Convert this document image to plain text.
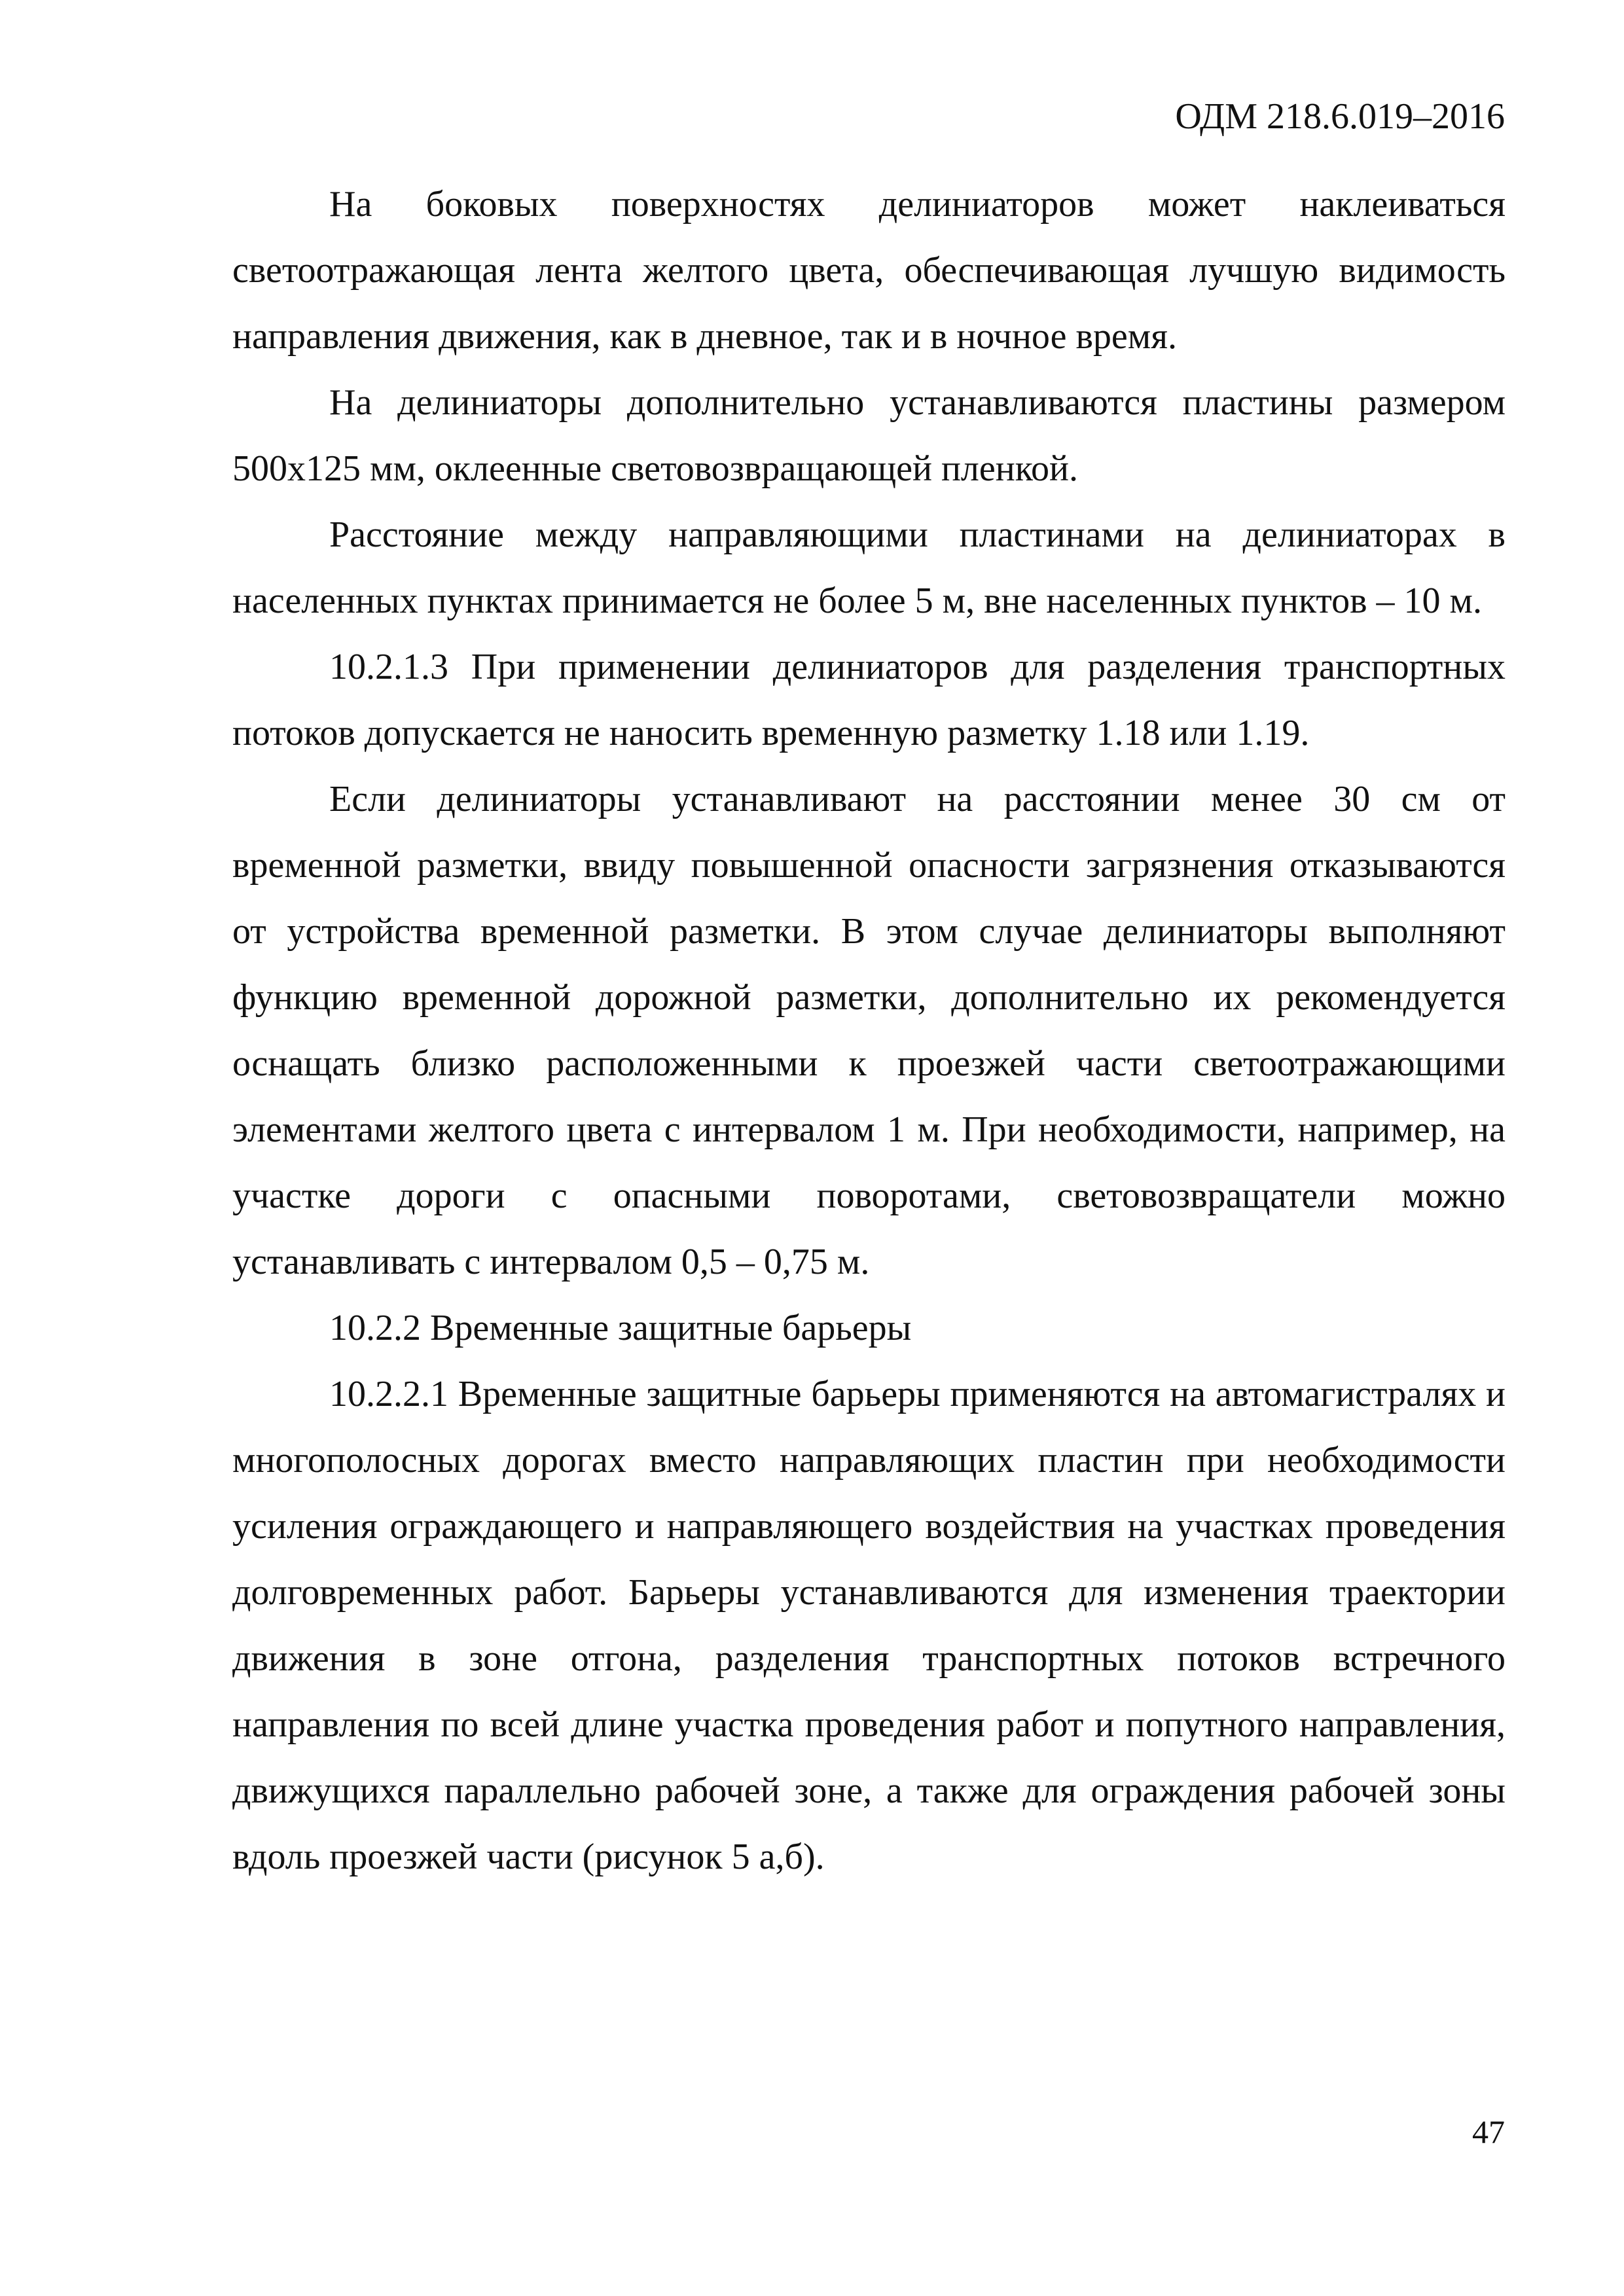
ОДМ 218.6.019–2016

На боковых поверхностях делиниаторов может наклеиваться светоотражающая лента желтого цвета, обеспечивающая лучшую видимость направления движения, как в дневное, так и в ночное время.

На делиниаторы дополнительно устанавливаются пластины размером 500х125 мм, оклеенные световозвращающей пленкой.

Расстояние между направляющими пластинами на делиниаторах в населенных пунктах принимается не более 5 м, вне населенных пунктов – 10 м.

10.2.1.3 При применении делиниаторов для разделения транспортных потоков допускается не наносить временную разметку 1.18 или 1.19.

Если делиниаторы устанавливают на расстоянии менее 30 см от временной разметки, ввиду повышенной опасности загрязнения отказываются от устройства временной разметки. В этом случае делиниаторы выполняют функцию временной дорожной разметки, дополнительно их рекомендуется оснащать близко расположенными к проезжей части светоотражающими элементами желтого цвета с интервалом 1 м. При необходимости, например, на участке дороги с опасными поворотами, световозвращатели можно устанавливать с интервалом 0,5 – 0,75 м.

10.2.2 Временные защитные барьеры

10.2.2.1 Временные защитные барьеры применяются на автомагистралях и многополосных дорогах вместо направляющих пластин при необходимости усиления ограждающего и направляющего воздействия на участках проведения долговременных работ. Барьеры устанавливаются для изменения траектории движения в зоне отгона, разделения транспортных потоков встречного направления по всей длине участка проведения работ и попутного направления, движущихся параллельно рабочей зоне, а также для ограждения рабочей зоны вдоль проезжей части (рисунок 5 а,б).

47
